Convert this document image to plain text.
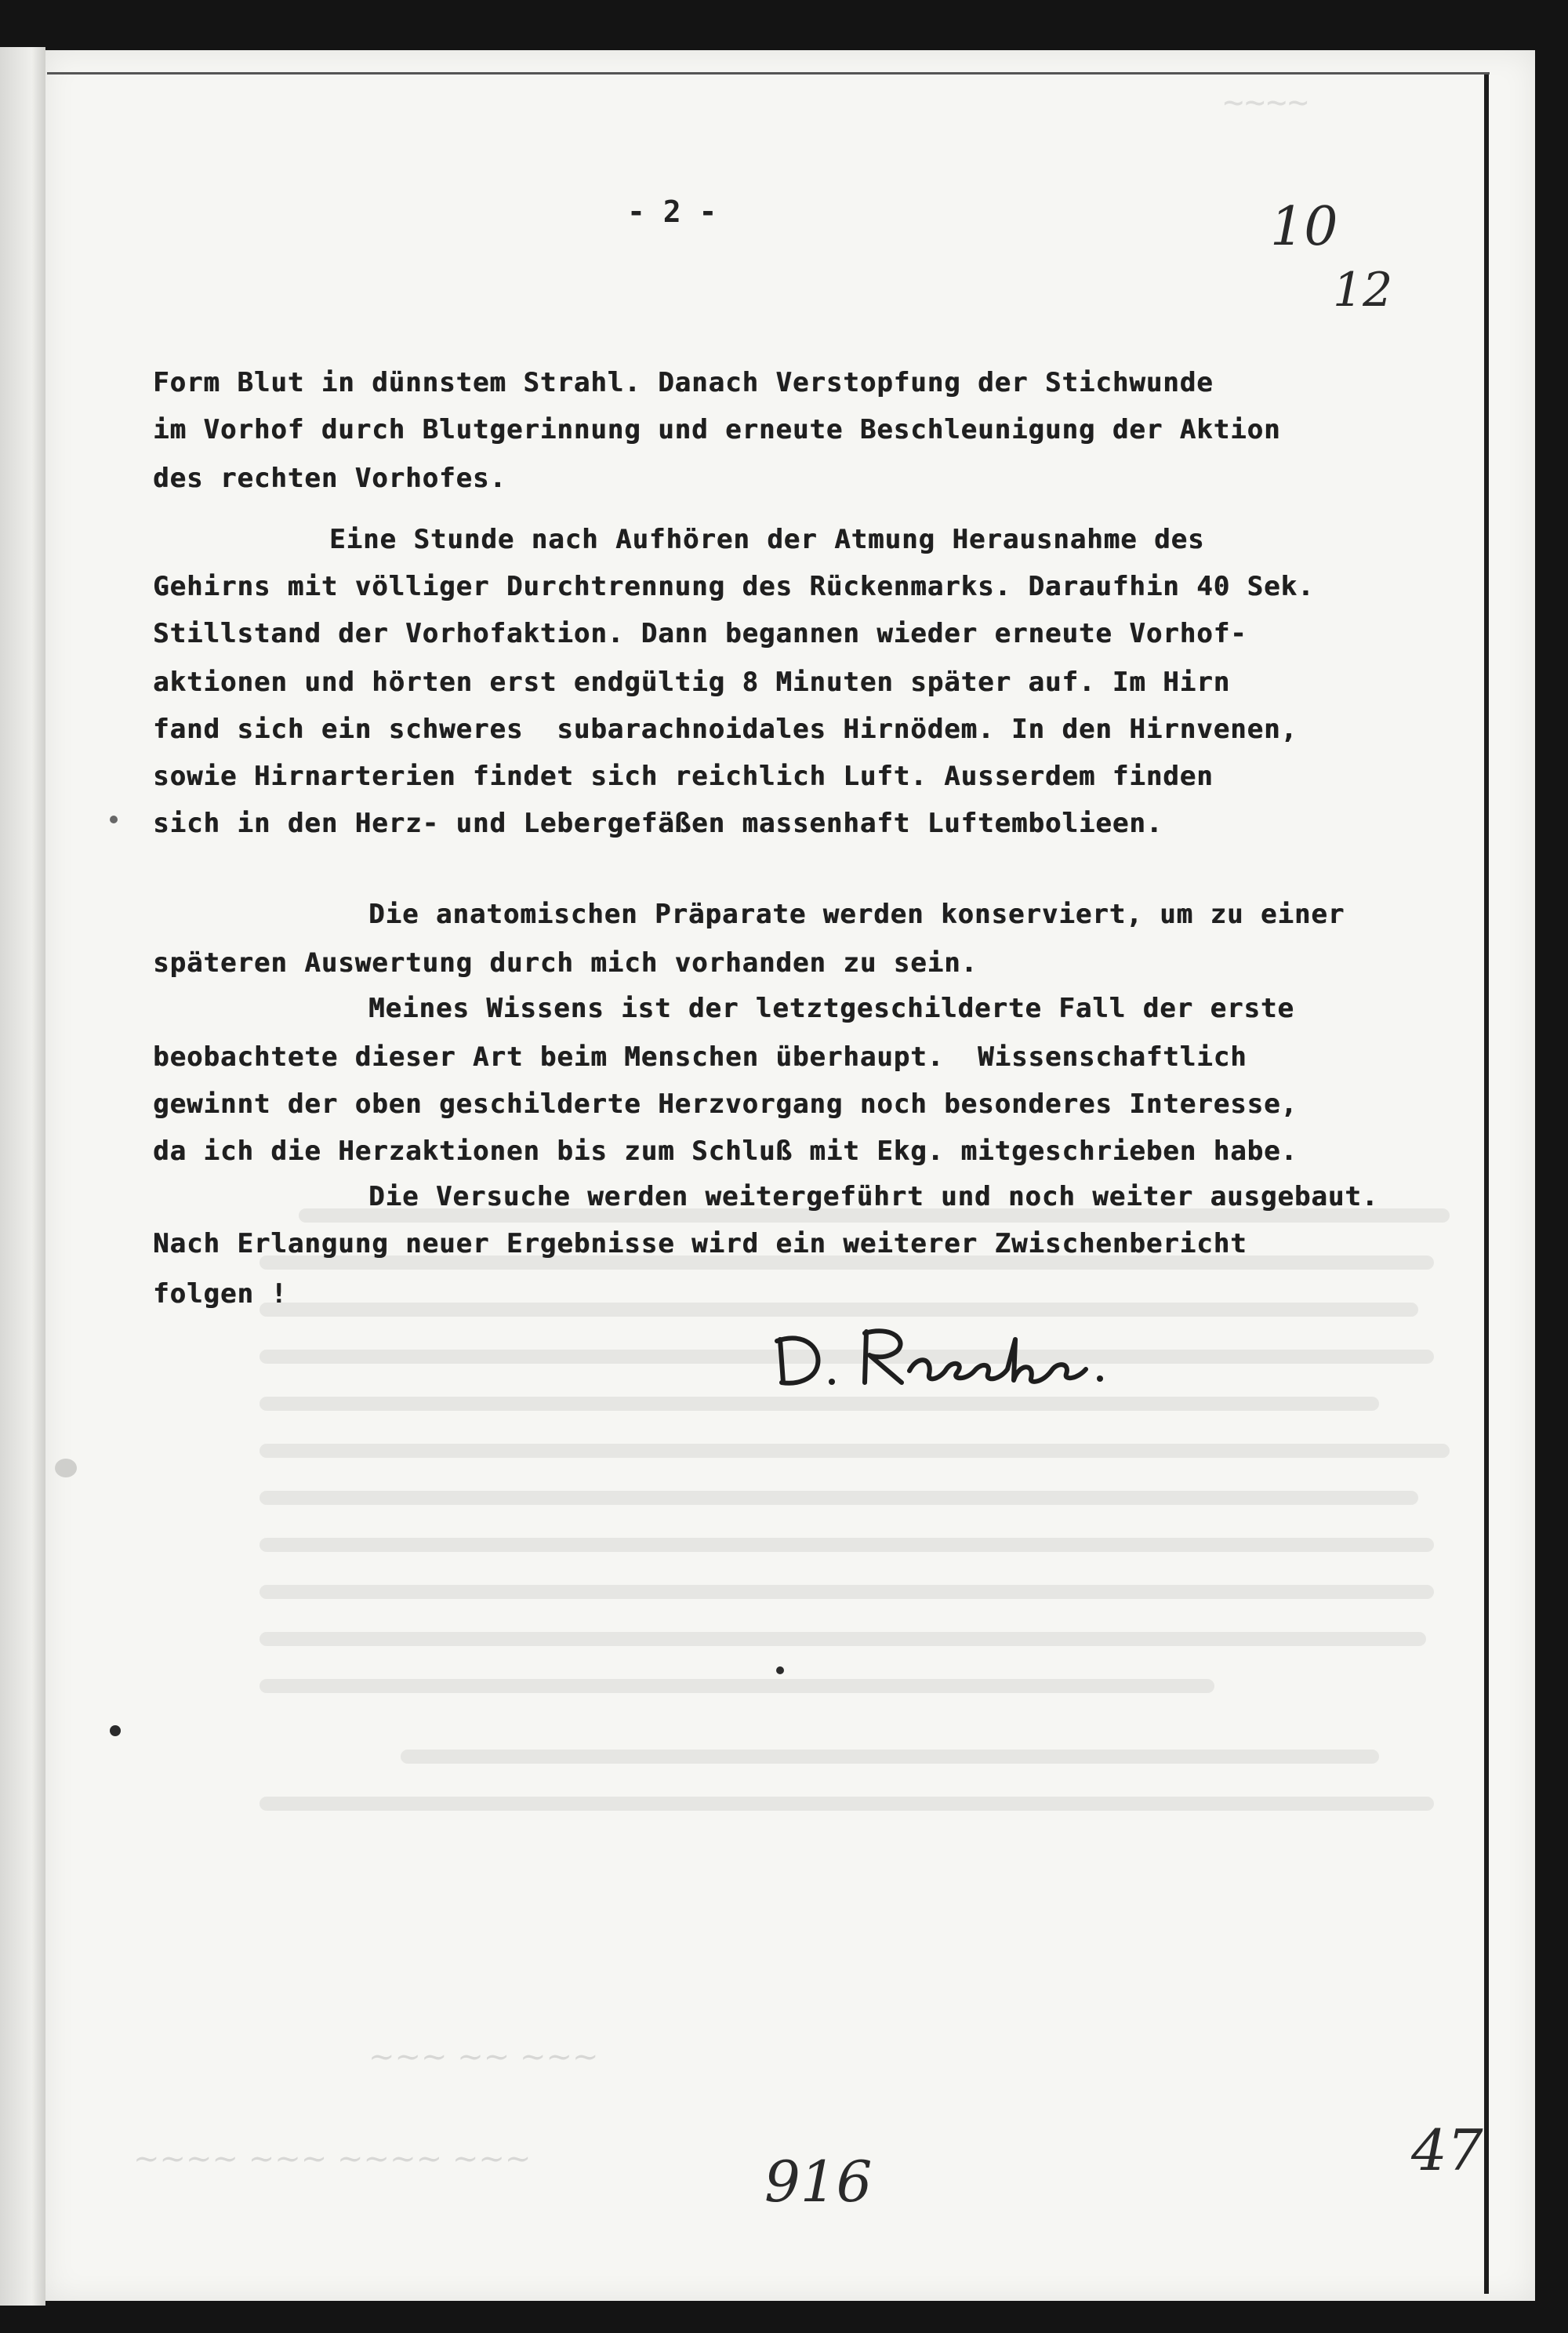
~~~~
- 2 -	10
12
Form Blut in dünnstem Strahl. Danach Verstopfung der Stichwunde
im Vorhof durch Blutgerinnung und erneute Beschleunigung der Aktion
des rechten Vorhofes.
Eine Stunde nach Aufhören der Atmung Herausnahme des
Gehirns mit völliger Durchtrennung des Rückenmarks. Daraufhin 40 Sek.
Stillstand der Vorhofaktion. Dann begannen wieder erneute Vorhof-
aktionen und hörten erst endgültig 8 Minuten später auf. Im Hirn
fand sich ein schweres  subarachnoidales Hirnödem. In den Hirnvenen,
sowie Hirnarterien findet sich reichlich Luft. Ausserdem finden
sich in den Herz- und Lebergefäßen massenhaft Luftembolieen.
Die anatomischen Präparate werden konserviert, um zu einer
späteren Auswertung durch mich vorhanden zu sein.
Meines Wissens ist der letztgeschilderte Fall der erste
beobachtete dieser Art beim Menschen überhaupt.  Wissenschaftlich
gewinnt der oben geschilderte Herzvorgang noch besonderes Interesse,
da ich die Herzaktionen bis zum Schluß mit Ekg. mitgeschrieben habe.
Die Versuche werden weitergeführt und noch weiter ausgebaut.
Nach Erlangung neuer Ergebnisse wird ein weiterer Zwischenbericht
folgen !
~~~ ~~ ~~~
~~~~ ~~~ ~~~~ ~~~	916	47
